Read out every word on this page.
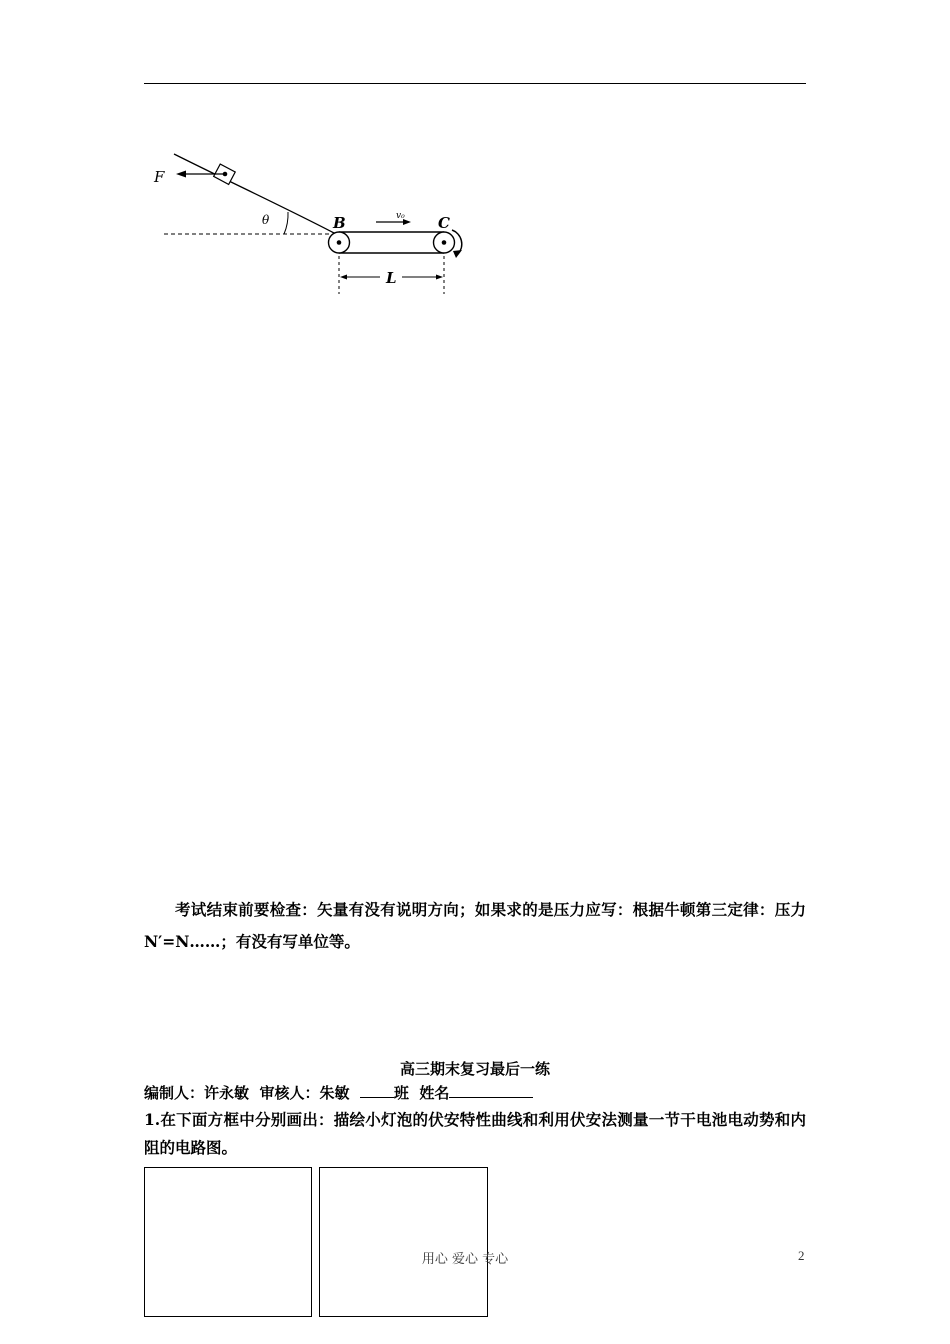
F
θ	B	C
v₀
L

考试结束前要检查：矢量有没有说明方向；如果求的是压力应写：根据牛顿第三定律：压力N′=N……；有没有写单位等。

高三期末复习最后一练
编制人：许永敏  审核人：朱敏  班  姓名
1.在下面方框中分别画出：描绘小灯泡的伏安特性曲线和利用伏安法测量一节干电池电动势和内阻的电路图。
用心 爱心 专心	2
